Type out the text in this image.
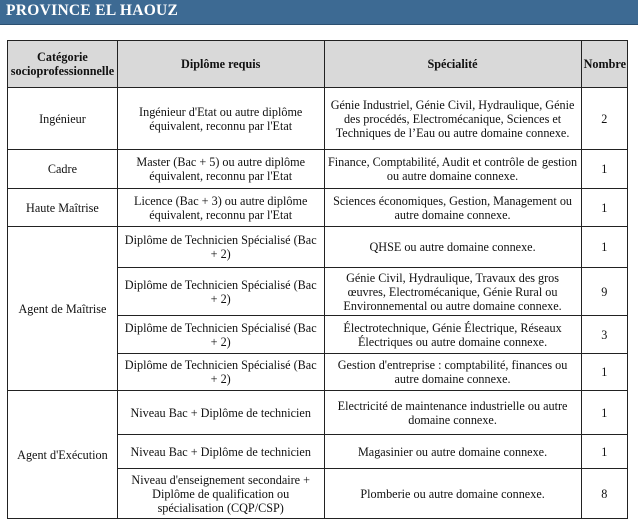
PROVINCE EL HAOUZ
Catégorie socioprofessionnelle	Diplôme requis	Spécialité	Nombre
Ingénieur	Ingénieur d'Etat ou autre diplôme équivalent, reconnu par l'Etat	Génie Industriel, Génie Civil, Hydraulique, Génie des procédés, Electromécanique, Sciences et Techniques de l’Eau ou autre domaine connexe.	2
Cadre	Master (Bac + 5) ou autre diplôme équivalent, reconnu par l'Etat	Finance, Comptabilité, Audit et contrôle de gestion ou autre domaine connexe.	1
Haute Maîtrise	Licence (Bac + 3) ou autre diplôme équivalent, reconnu par l'Etat	Sciences économiques, Gestion, Management ou autre domaine connexe.	1
Agent de Maîtrise	Diplôme de Technicien Spécialisé (Bac + 2)	QHSE ou autre domaine connexe.	1
	Diplôme de Technicien Spécialisé (Bac + 2)	Génie Civil, Hydraulique, Travaux des gros œuvres, Electromécanique, Génie Rural ou Environnemental ou autre domaine connexe.	9
	Diplôme de Technicien Spécialisé (Bac + 2)	Électrotechnique, Génie Électrique, Réseaux Électriques ou autre domaine connexe.	3
	Diplôme de Technicien Spécialisé (Bac + 2)	Gestion d'entreprise : comptabilité, finances ou autre domaine connexe.	1
Agent d'Exécution	Niveau Bac + Diplôme de technicien	Electricité de maintenance industrielle ou autre domaine connexe.	1
	Niveau Bac + Diplôme de technicien	Magasinier ou autre domaine connexe.	1
	Niveau d'enseignement secondaire + Diplôme de qualification ou spécialisation (CQP/CSP)	Plomberie ou autre domaine connexe.	8
